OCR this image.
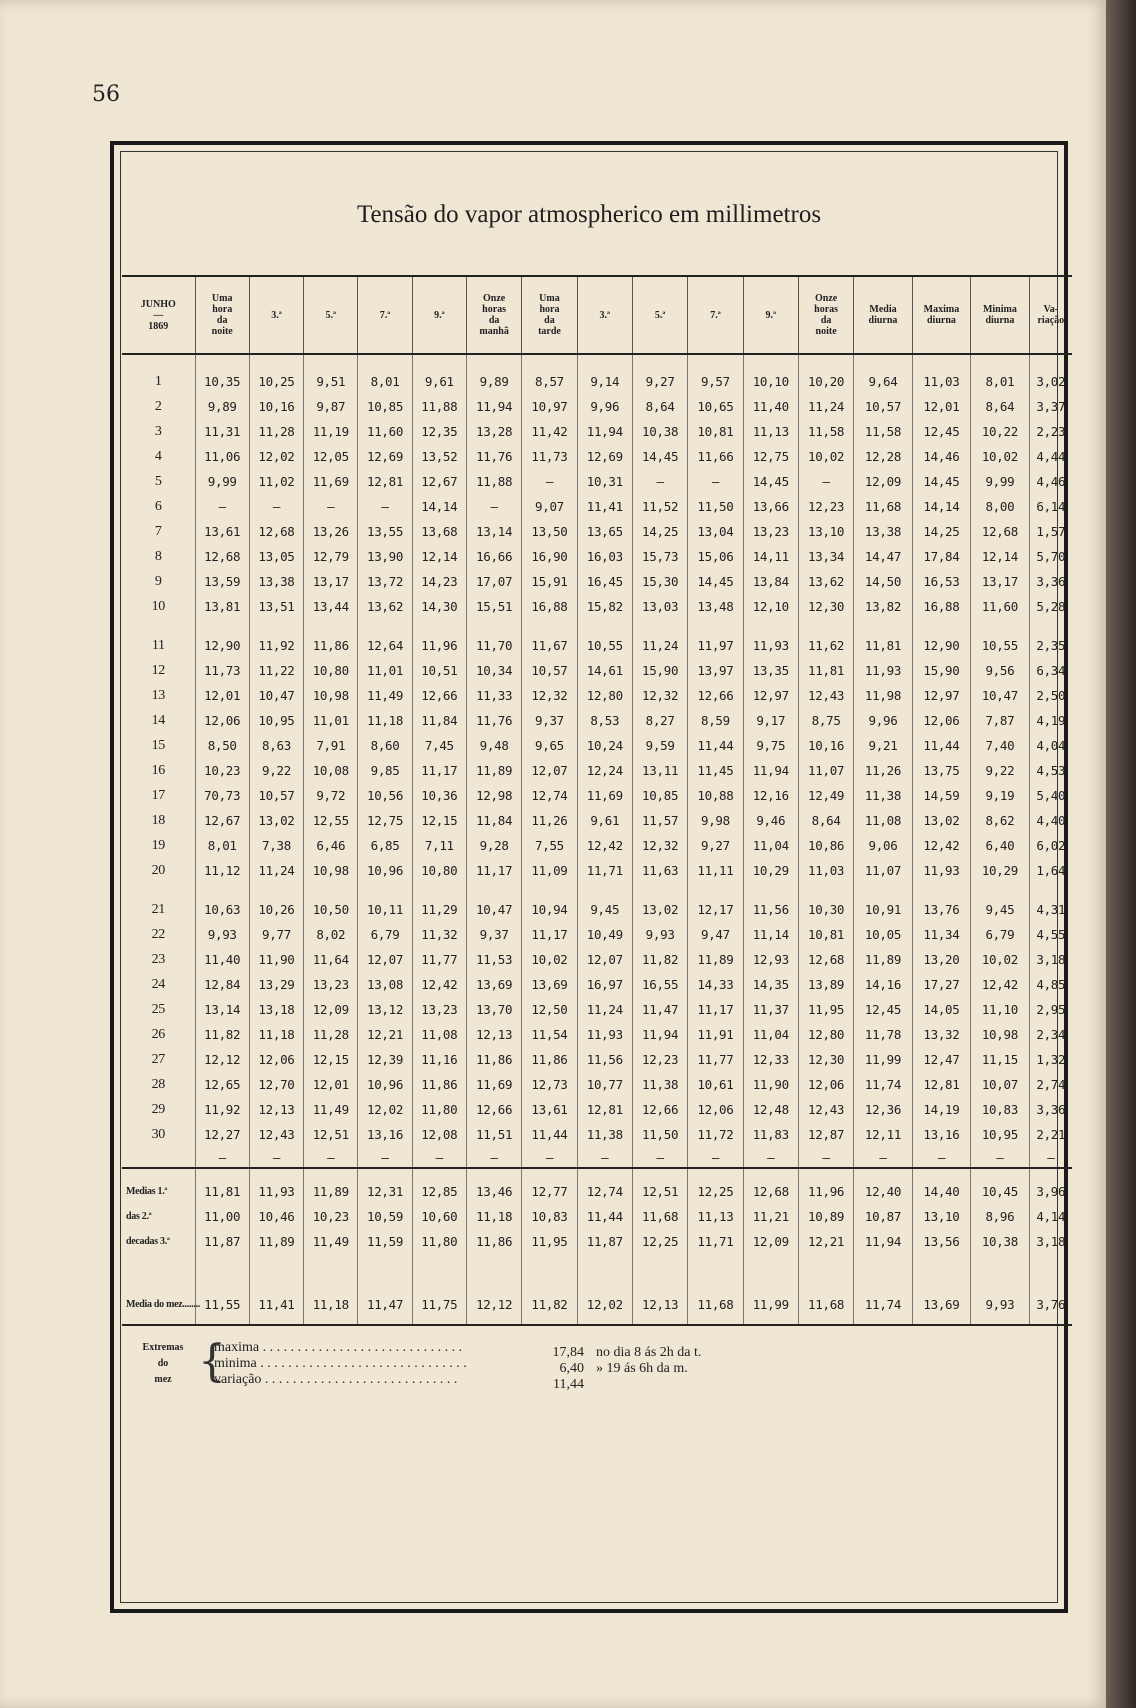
56
Tensão do vapor atmospherico em millimetros
JUNHO
—
1869	Uma
hora
da
noite	3.ª	5.ª	7.ª	9.ª	Onze
horas
da
manhã	Uma
hora
da
tarde	3.ª	5.ª	7.ª	9.ª	Onze
horas
da
noite	Media
diurna	Maxima
diurna	Minima
diurna	Va-
riação
1	10,35	10,25	9,51	8,01	9,61	9,89	8,57	9,14	9,27	9,57	10,10	10,20	9,64	11,03	8,01	3,02
2	9,89	10,16	9,87	10,85	11,88	11,94	10,97	9,96	8,64	10,65	11,40	11,24	10,57	12,01	8,64	3,37
3	11,31	11,28	11,19	11,60	12,35	13,28	11,42	11,94	10,38	10,81	11,13	11,58	11,58	12,45	10,22	2,23
4	11,06	12,02	12,05	12,69	13,52	11,76	11,73	12,69	14,45	11,66	12,75	10,02	12,28	14,46	10,02	4,44
5	9,99	11,02	11,69	12,81	12,67	11,88	—	10,31	—	—	14,45	—	12,09	14,45	9,99	4,46
6	—	—	—	—	14,14	—	9,07	11,41	11,52	11,50	13,66	12,23	11,68	14,14	8,00	6,14
7	13,61	12,68	13,26	13,55	13,68	13,14	13,50	13,65	14,25	13,04	13,23	13,10	13,38	14,25	12,68	1,57
8	12,68	13,05	12,79	13,90	12,14	16,66	16,90	16,03	15,73	15,06	14,11	13,34	14,47	17,84	12,14	5,70
9	13,59	13,38	13,17	13,72	14,23	17,07	15,91	16,45	15,30	14,45	13,84	13,62	14,50	16,53	13,17	3,36
10	13,81	13,51	13,44	13,62	14,30	15,51	16,88	15,82	13,03	13,48	12,10	12,30	13,82	16,88	11,60	5,28
11	12,90	11,92	11,86	12,64	11,96	11,70	11,67	10,55	11,24	11,97	11,93	11,62	11,81	12,90	10,55	2,35
12	11,73	11,22	10,80	11,01	10,51	10,34	10,57	14,61	15,90	13,97	13,35	11,81	11,93	15,90	9,56	6,34
13	12,01	10,47	10,98	11,49	12,66	11,33	12,32	12,80	12,32	12,66	12,97	12,43	11,98	12,97	10,47	2,50
14	12,06	10,95	11,01	11,18	11,84	11,76	9,37	8,53	8,27	8,59	9,17	8,75	9,96	12,06	7,87	4,19
15	8,50	8,63	7,91	8,60	7,45	9,48	9,65	10,24	9,59	11,44	9,75	10,16	9,21	11,44	7,40	4,04
16	10,23	9,22	10,08	9,85	11,17	11,89	12,07	12,24	13,11	11,45	11,94	11,07	11,26	13,75	9,22	4,53
17	70,73	10,57	9,72	10,56	10,36	12,98	12,74	11,69	10,85	10,88	12,16	12,49	11,38	14,59	9,19	5,40
18	12,67	13,02	12,55	12,75	12,15	11,84	11,26	9,61	11,57	9,98	9,46	8,64	11,08	13,02	8,62	4,40
19	8,01	7,38	6,46	6,85	7,11	9,28	7,55	12,42	12,32	9,27	11,04	10,86	9,06	12,42	6,40	6,02
20	11,12	11,24	10,98	10,96	10,80	11,17	11,09	11,71	11,63	11,11	10,29	11,03	11,07	11,93	10,29	1,64
21	10,63	10,26	10,50	10,11	11,29	10,47	10,94	9,45	13,02	12,17	11,56	10,30	10,91	13,76	9,45	4,31
22	9,93	9,77	8,02	6,79	11,32	9,37	11,17	10,49	9,93	9,47	11,14	10,81	10,05	11,34	6,79	4,55
23	11,40	11,90	11,64	12,07	11,77	11,53	10,02	12,07	11,82	11,89	12,93	12,68	11,89	13,20	10,02	3,18
24	12,84	13,29	13,23	13,08	12,42	13,69	13,69	16,97	16,55	14,33	14,35	13,89	14,16	17,27	12,42	4,85
25	13,14	13,18	12,09	13,12	13,23	13,70	12,50	11,24	11,47	11,17	11,37	11,95	12,45	14,05	11,10	2,95
26	11,82	11,18	11,28	12,21	11,08	12,13	11,54	11,93	11,94	11,91	11,04	12,80	11,78	13,32	10,98	2,34
27	12,12	12,06	12,15	12,39	11,16	11,86	11,86	11,56	12,23	11,77	12,33	12,30	11,99	12,47	11,15	1,32
28	12,65	12,70	12,01	10,96	11,86	11,69	12,73	10,77	11,38	10,61	11,90	12,06	11,74	12,81	10,07	2,74
29	11,92	12,13	11,49	12,02	11,80	12,66	13,61	12,81	12,66	12,06	12,48	12,43	12,36	14,19	10,83	3,36
30	12,27	12,43	12,51	13,16	12,08	11,51	11,44	11,38	11,50	11,72	11,83	12,87	12,11	13,16	10,95	2,21
	—	—	—	—	—	—	—	—	—	—	—	—	—	—	—	—
Medias 1.ª	11,81	11,93	11,89	12,31	12,85	13,46	12,77	12,74	12,51	12,25	12,68	11,96	12,40	14,40	10,45	3,96
das 2.ª	11,00	10,46	10,23	10,59	10,60	11,18	10,83	11,44	11,68	11,13	11,21	10,89	10,87	13,10	8,96	4,14
decadas 3.ª	11,87	11,89	11,49	11,59	11,80	11,86	11,95	11,87	12,25	11,71	12,09	12,21	11,94	13,56	10,38	3,18
Media do mez........	11,55	11,41	11,18	11,47	11,75	12,12	11,82	12,02	12,13	11,68	11,99	11,68	11,74	13,69	9,93	3,76
Extremas
do
mez {
maxima . . . . . . . . . . . . . . . . . . . . . . . . . . . . .	17,84 no dia 8 ás 2h da t.
minima . . . . . . . . . . . . . . . . . . . . . . . . . . . . . .	6,40 » 19 ás 6h da m.
variação . . . . . . . . . . . . . . . . . . . . . . . . . . . .	11,44
